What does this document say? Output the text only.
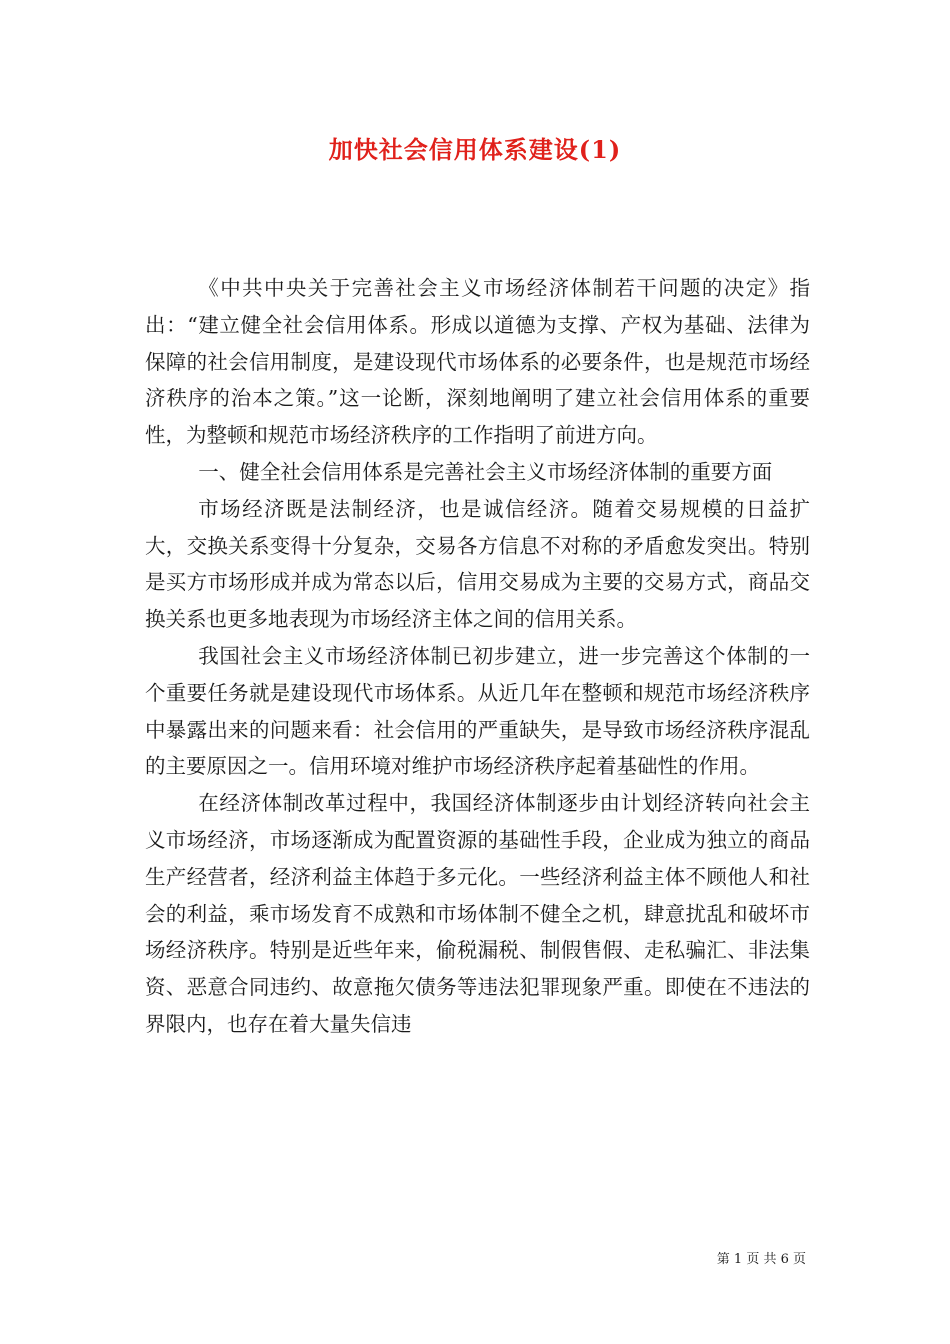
加快社会信用体系建设(1)

《中共中央关于完善社会主义市场经济体制若干问题的决定》指出：“建立健全社会信用体系。形成以道德为支撑、产权为基础、法律为保障的社会信用制度，是建设现代市场体系的必要条件，也是规范市场经济秩序的治本之策。”这一论断，深刻地阐明了建立社会信用体系的重要性，为整顿和规范市场经济秩序的工作指明了前进方向。

一、健全社会信用体系是完善社会主义市场经济体制的重要方面

市场经济既是法制经济，也是诚信经济。随着交易规模的日益扩大，交换关系变得十分复杂，交易各方信息不对称的矛盾愈发突出。特别是买方市场形成并成为常态以后，信用交易成为主要的交易方式，商品交换关系也更多地表现为市场经济主体之间的信用关系。

我国社会主义市场经济体制已初步建立，进一步完善这个体制的一个重要任务就是建设现代市场体系。从近几年在整顿和规范市场经济秩序中暴露出来的问题来看：社会信用的严重缺失，是导致市场经济秩序混乱的主要原因之一。信用环境对维护市场经济秩序起着基础性的作用。

在经济体制改革过程中，我国经济体制逐步由计划经济转向社会主义市场经济，市场逐渐成为配置资源的基础性手段，企业成为独立的商品生产经营者，经济利益主体趋于多元化。一些经济利益主体不顾他人和社会的利益，乘市场发育不成熟和市场体制不健全之机，肆意扰乱和破坏市场经济秩序。特别是近些年来，偷税漏税、制假售假、走私骗汇、非法集资、恶意合同违约、故意拖欠债务等违法犯罪现象严重。即使在不违法的界限内，也存在着大量失信违

第 1 页 共 6 页
